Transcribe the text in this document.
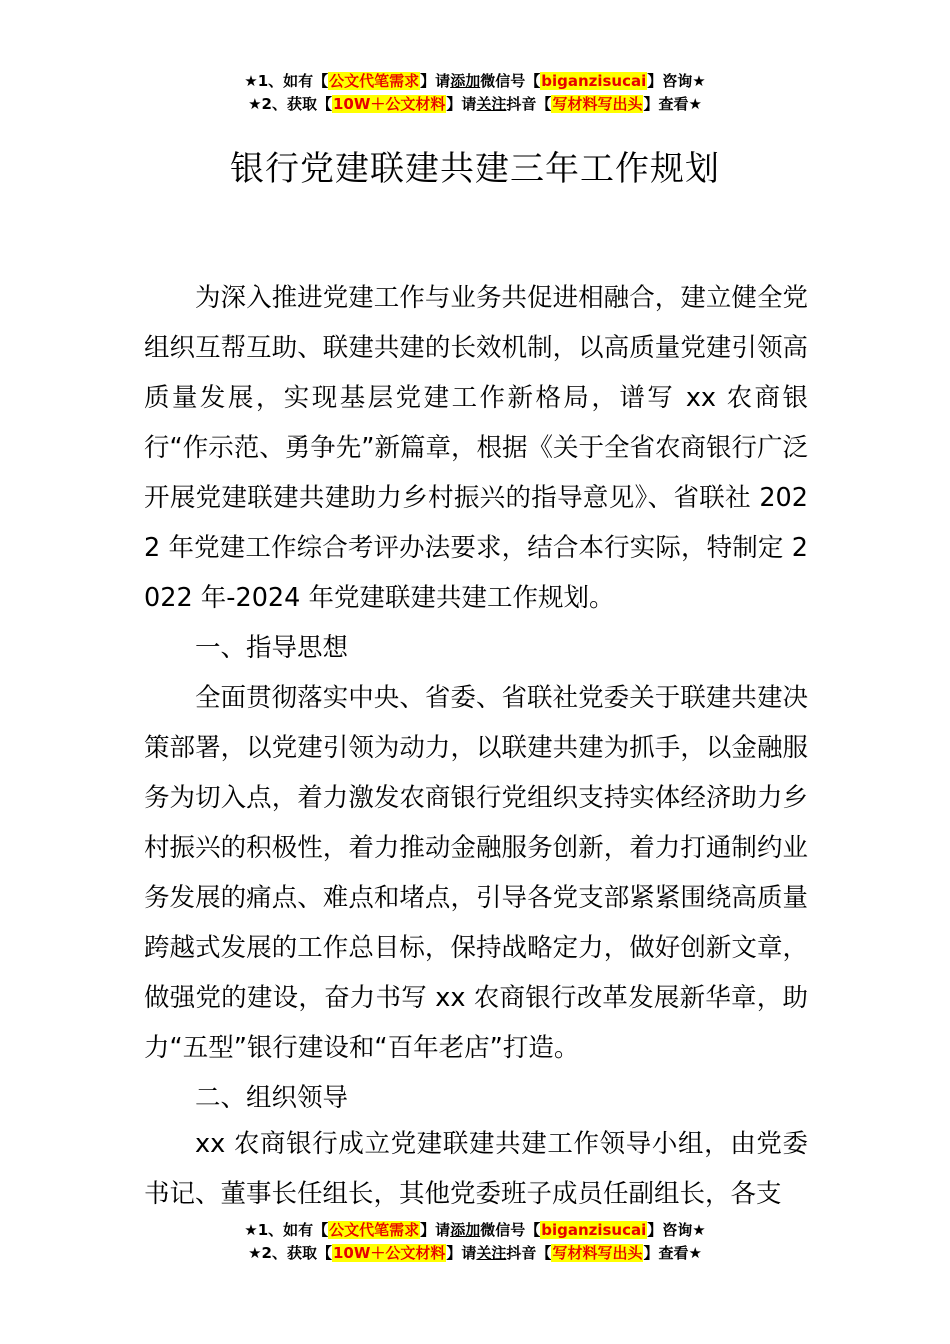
★1、如有【公文代笔需求】请添加微信号【biganzisucai】咨询★
★2、获取【10W＋公文材料】请关注抖音【写材料写出头】查看★
银行党建联建共建三年工作规划

为深入推进党建工作与业务共促进相融合，建立健全党组织互帮互助、联建共建的长效机制，以高质量党建引领高质量发展，实现基层党建工作新格局，谱写 xx 农商银行“作示范、勇争先”新篇章，根据《关于全省农商银行广泛开展党建联建共建助力乡村振兴的指导意见》、省联社 2022 年党建工作综合考评办法要求，结合本行实际，特制定 2022 年-2024 年党建联建共建工作规划。

一、指导思想

全面贯彻落实中央、省委、省联社党委关于联建共建决策部署，以党建引领为动力，以联建共建为抓手，以金融服务为切入点，着力激发农商银行党组织支持实体经济助力乡村振兴的积极性，着力推动金融服务创新，着力打通制约业务发展的痛点、难点和堵点，引导各党支部紧紧围绕高质量跨越式发展的工作总目标，保持战略定力，做好创新文章，做强党的建设，奋力书写 xx 农商银行改革发展新华章，助力“五型”银行建设和“百年老店”打造。

二、组织领导

xx 农商银行成立党建联建共建工作领导小组，由党委书记、董事长任组长，其他党委班子成员任副组长，各支

★1、如有【公文代笔需求】请添加微信号【biganzisucai】咨询★
★2、获取【10W＋公文材料】请关注抖音【写材料写出头】查看★
